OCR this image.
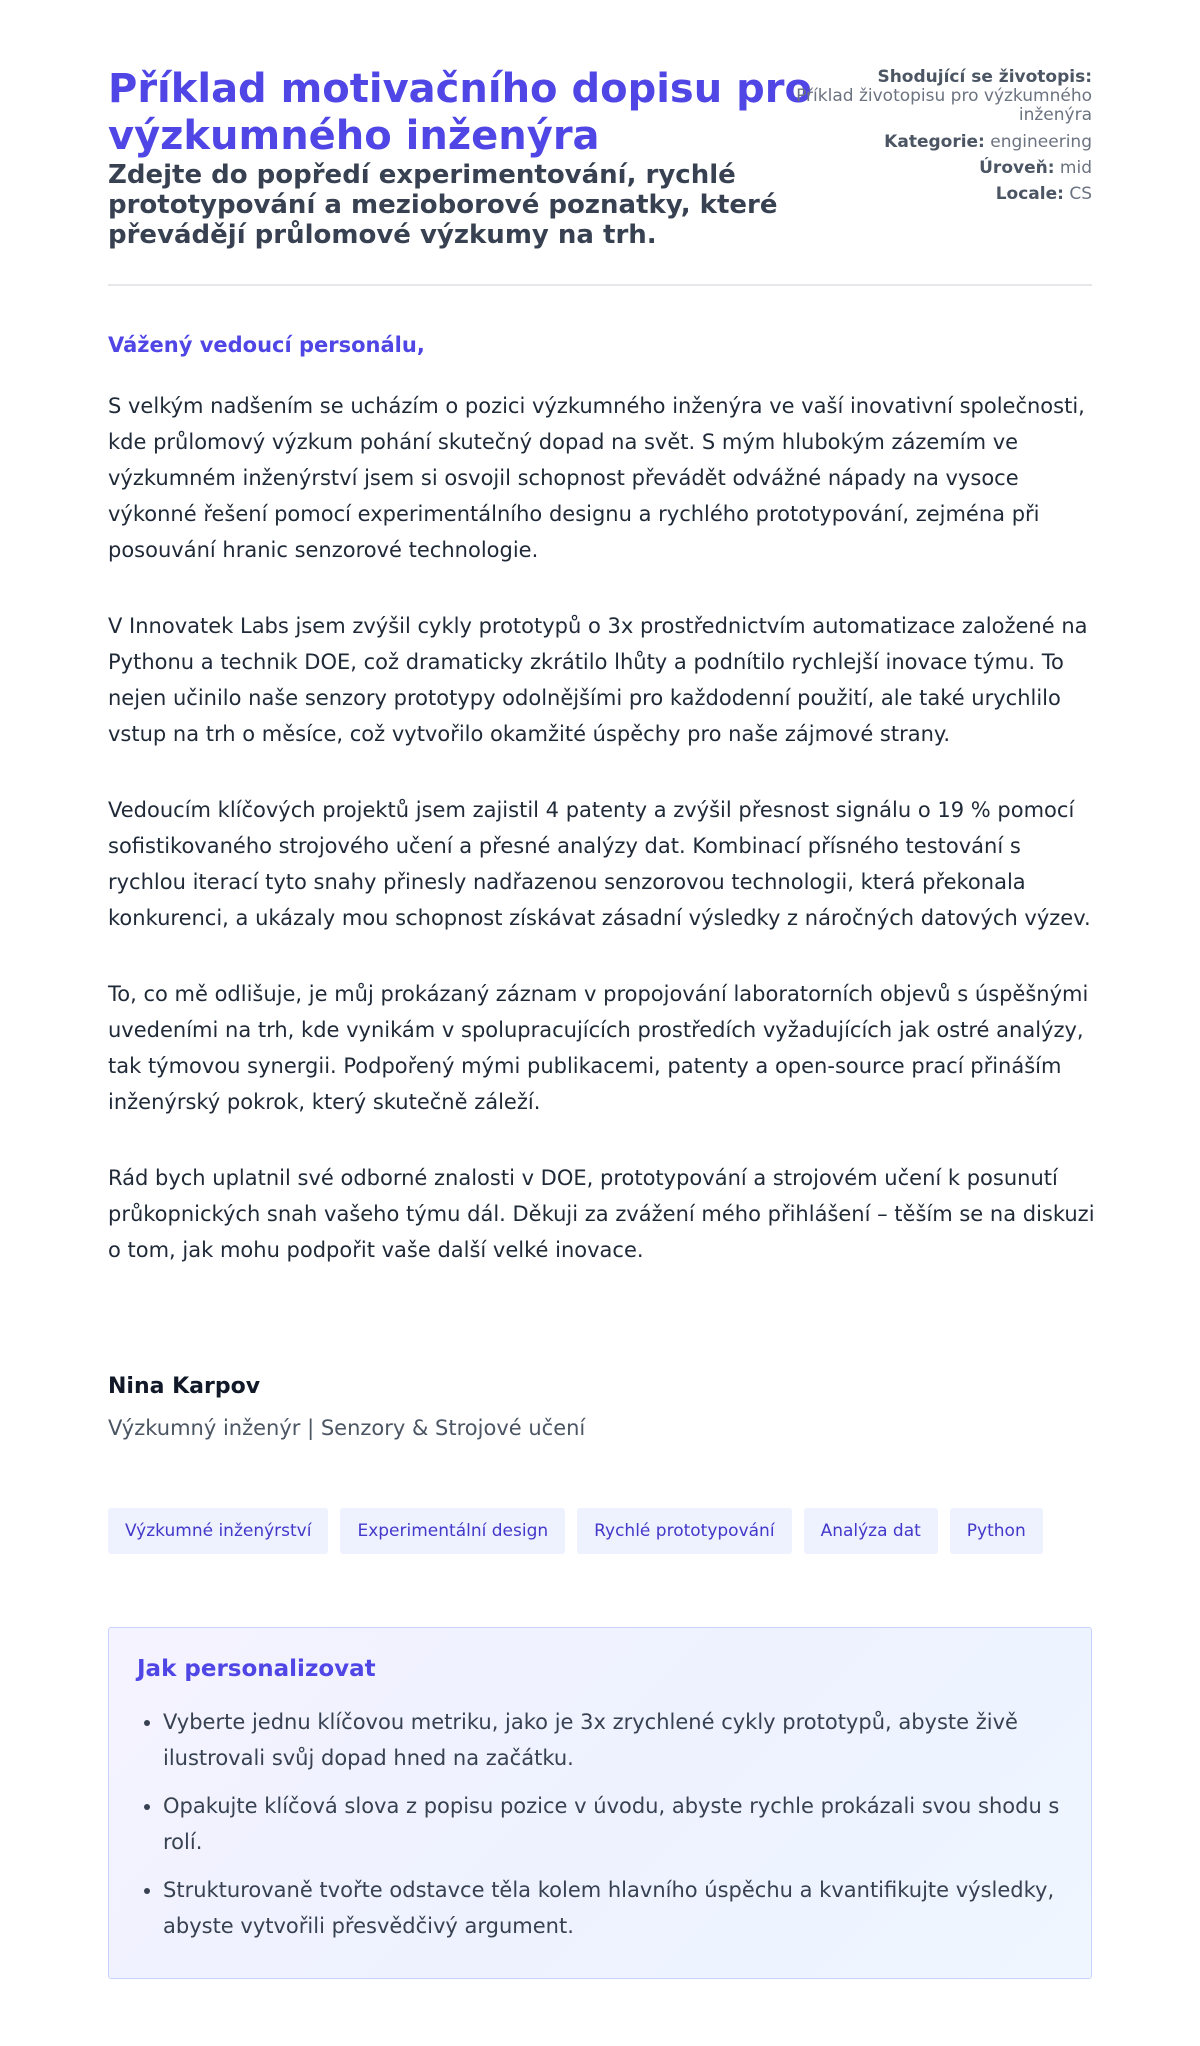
Příklad motivačního dopisu pro výzkumného inženýra
Zdejte do popředí experimentování, rychlé prototypování a mezioborové poznatky, které převádějí průlomové výzkumy na trh.
Shodující se životopis:
Příklad životopisu pro výzkumného inženýra
Kategorie: engineering
Úroveň: mid
Locale: CS

Vážený vedoucí personálu,

S velkým nadšením se ucházím o pozici výzkumného inženýra ve vaší inovativní společnosti, kde průlomový výzkum pohání skutečný dopad na svět. S mým hlubokým zázemím ve výzkumném inženýrství jsem si osvojil schopnost převádět odvážné nápady na vysoce výkonné řešení pomocí experimentálního designu a rychlého prototypování, zejména při posouvání hranic senzorové technologie.

V Innovatek Labs jsem zvýšil cykly prototypů o 3x prostřednictvím automatizace založené na Pythonu a technik DOE, což dramaticky zkrátilo lhůty a podnítilo rychlejší inovace týmu. To nejen učinilo naše senzory prototypy odolnějšími pro každodenní použití, ale také urychlilo vstup na trh o měsíce, což vytvořilo okamžité úspěchy pro naše zájmové strany.

Vedoucím klíčových projektů jsem zajistil 4 patenty a zvýšil přesnost signálu o 19 % pomocí sofistikovaného strojového učení a přesné analýzy dat. Kombinací přísného testování s rychlou iterací tyto snahy přinesly nadřazenou senzorovou technologii, která překonala konkurenci, a ukázaly mou schopnost získávat zásadní výsledky z náročných datových výzev.

To, co mě odlišuje, je můj prokázaný záznam v propojování laboratorních objevů s úspěšnými uvedeními na trh, kde vynikám v spolupracujících prostředích vyžadujících jak ostré analýzy, tak týmovou synergii. Podpořený mými publikacemi, patenty a open-source prací přináším inženýrský pokrok, který skutečně záleží.

Rád bych uplatnil své odborné znalosti v DOE, prototypování a strojovém učení k posunutí průkopnických snah vašeho týmu dál. Děkuji za zvážení mého přihlášení – těším se na diskuzi o tom, jak mohu podpořit vaše další velké inovace.

Nina Karpov
Výzkumný inženýr | Senzory & Strojové učení
Výzkumné inženýrství	Experimentální design	Rychlé prototypování	Analýza dat	Python
Jak personalizovat
• Vyberte jednu klíčovou metriku, jako je 3x zrychlené cykly prototypů, abyste živě ilustrovali svůj dopad hned na začátku.
• Opakujte klíčová slova z popisu pozice v úvodu, abyste rychle prokázali svou shodu s rolí.
• Strukturovaně tvořte odstavce těla kolem hlavního úspěchu a kvantifikujte výsledky, abyste vytvořili přesvědčivý argument.
